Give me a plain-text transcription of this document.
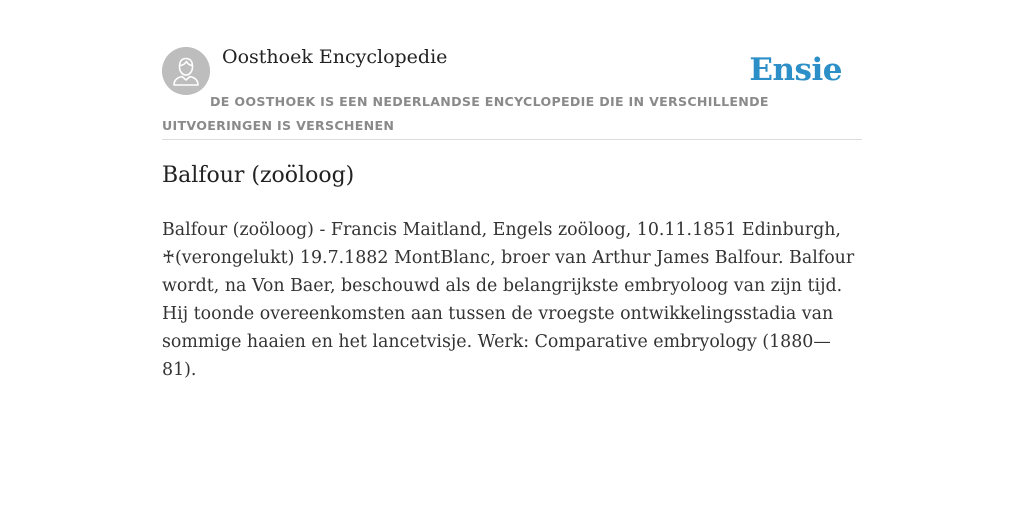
Oosthoek Encyclopedie	Ensie
DE OOSTHOEK IS EEN NEDERLANDSE ENCYCLOPEDIE DIE IN VERSCHILLENDE UITVOERINGEN IS VERSCHENEN
Balfour (zoöloog)

Balfour (zoöloog) - Francis Maitland, Engels zoöloog, 10.11.1851 Edinburgh, ♰(verongelukt) 19.7.1882 MontBlanc, broer van Arthur James Balfour. Balfour wordt, na Von Baer, beschouwd als de belangrijkste embryoloog van zijn tijd. Hij toonde overeenkomsten aan tussen de vroegste ontwikkelingsstadia van sommige haaien en het lancetvisje. Werk: Comparative embryology (1880—81).
